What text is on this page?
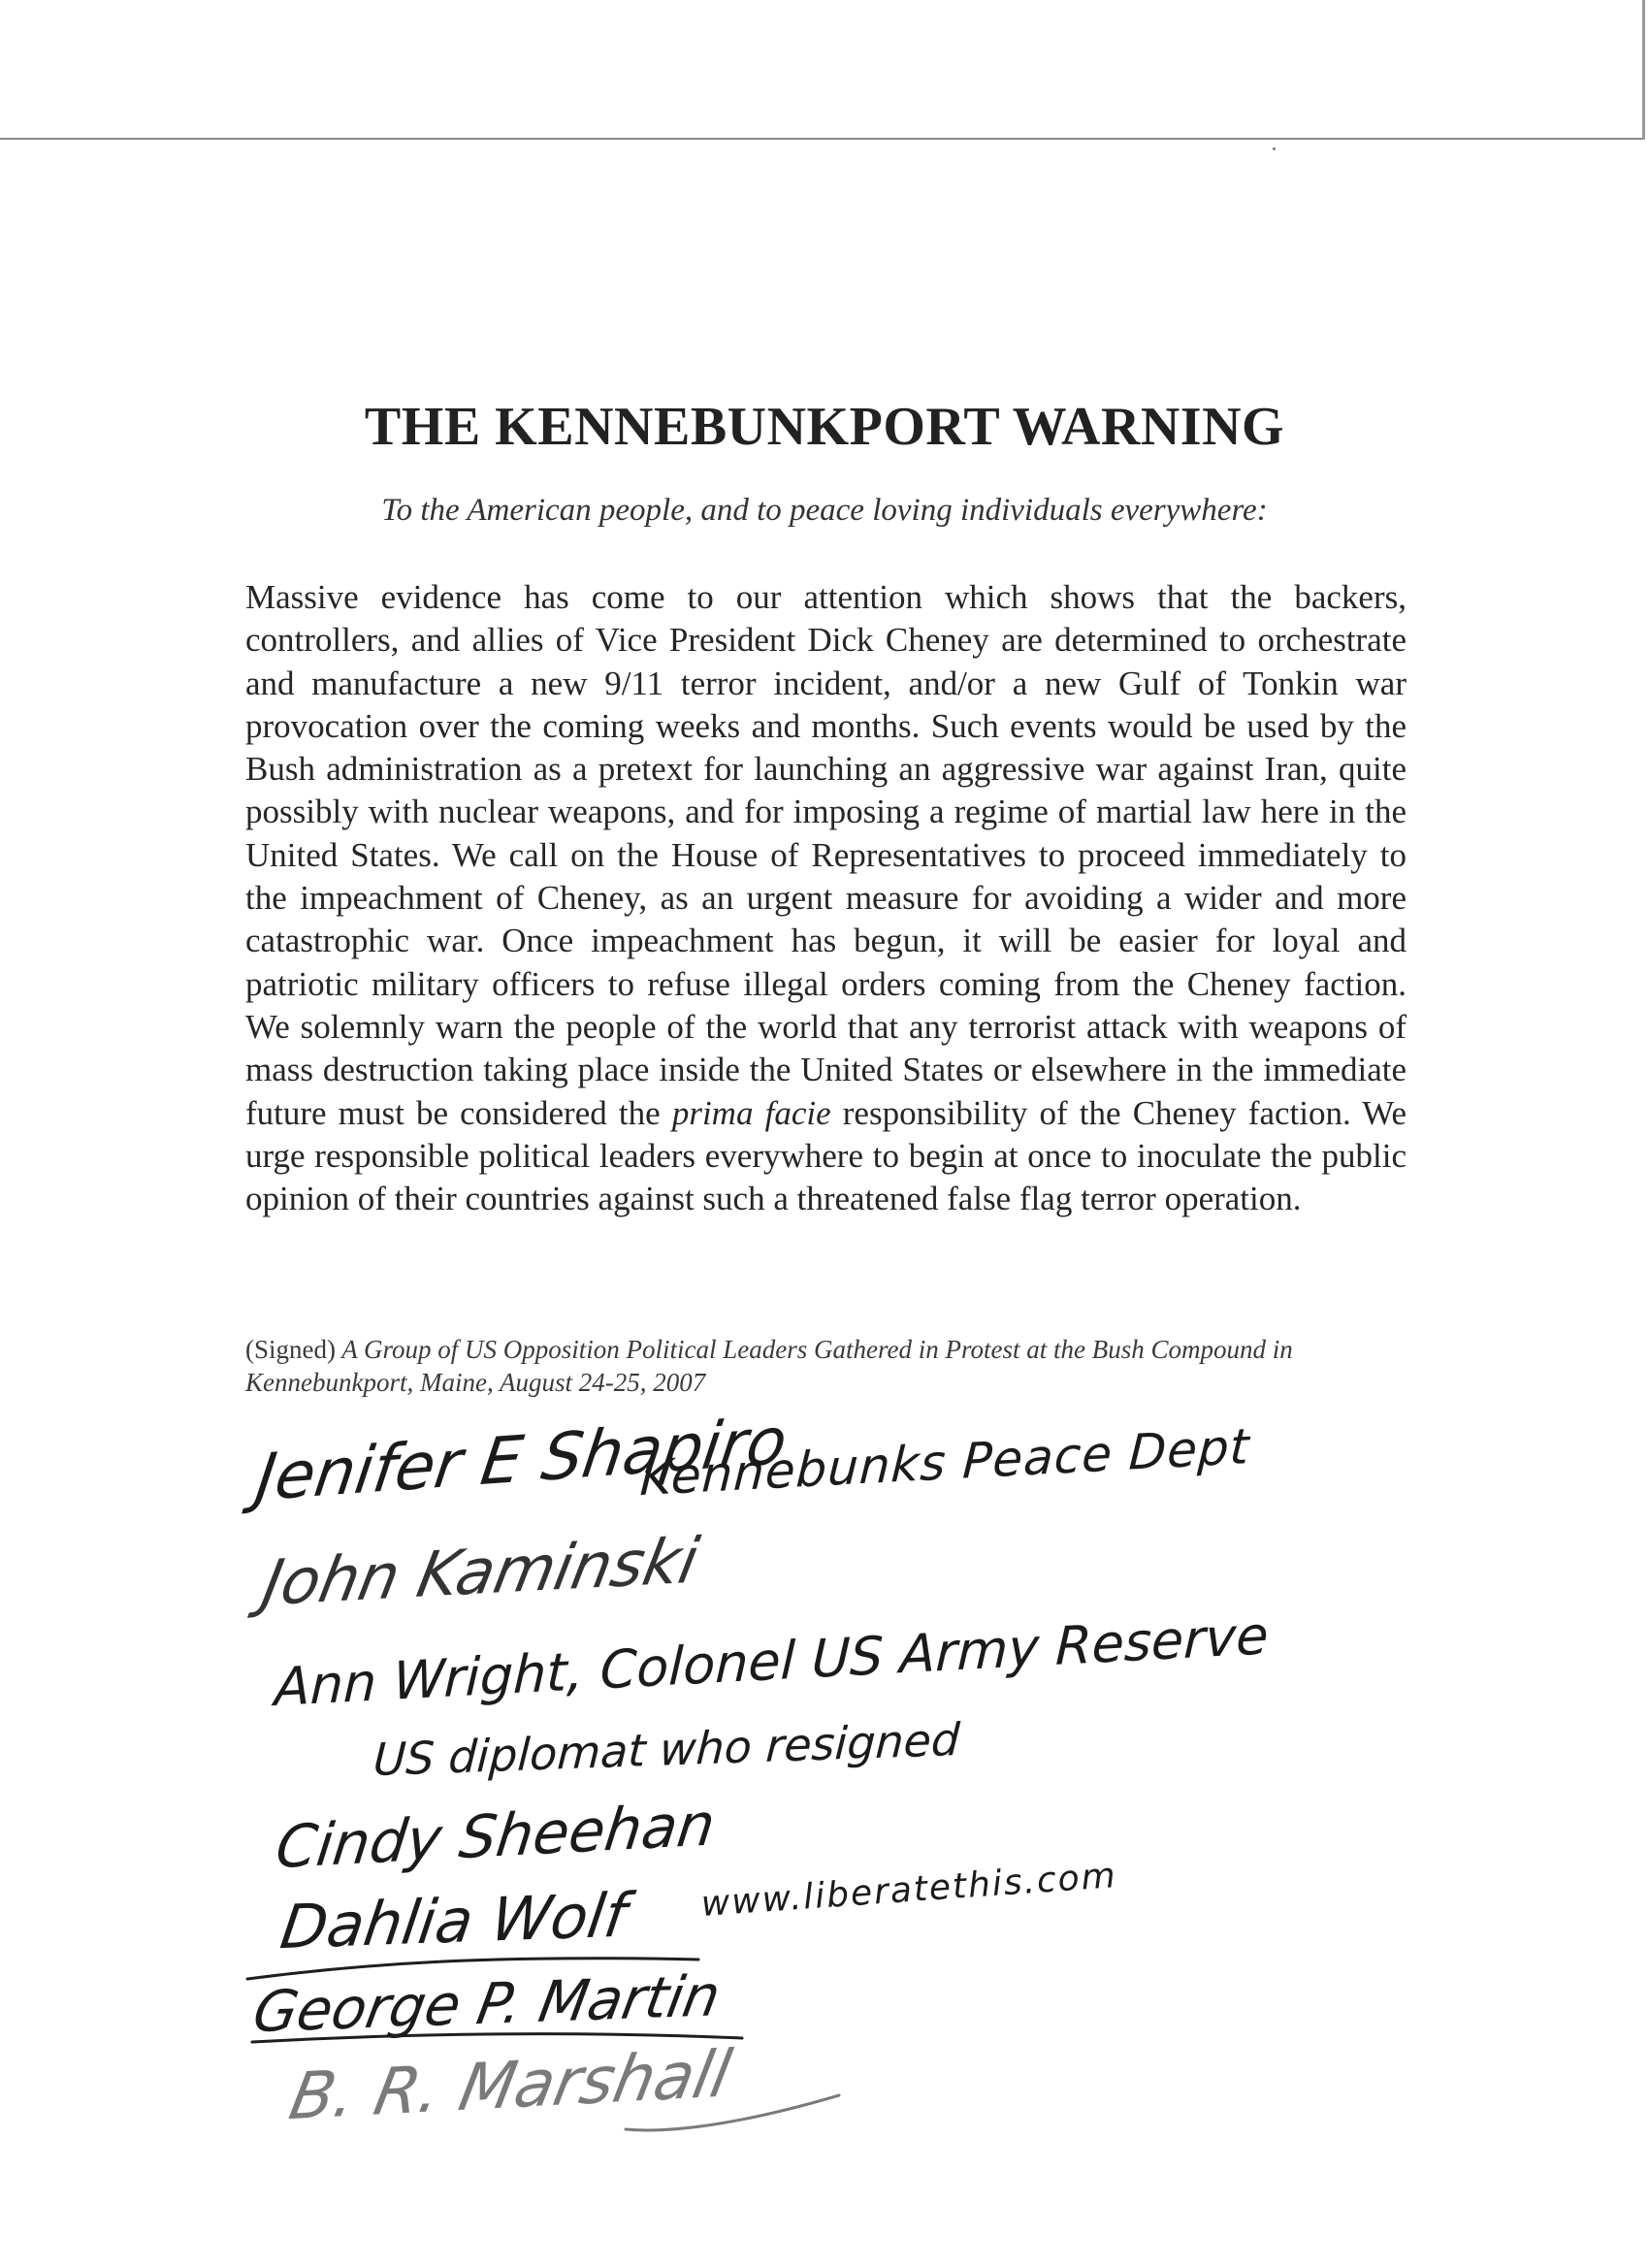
THE KENNEBUNKPORT WARNING

To the American people, and to peace loving individuals everywhere:

Massive evidence has come to our attention which shows that the backers, controllers, and allies of Vice President Dick Cheney are determined to orchestrate and manufacture a new 9/11 terror incident, and/or a new Gulf of Tonkin war provocation over the coming weeks and months. Such events would be used by the Bush administration as a pretext for launching an aggressive war against Iran, quite possibly with nuclear weapons, and for imposing a regime of martial law here in the United States. We call on the House of Representatives to proceed immediately to the impeachment of Cheney, as an urgent measure for avoiding a wider and more catastrophic war. Once impeachment has begun, it will be easier for loyal and patriotic military officers to refuse illegal orders coming from the Cheney faction. We solemnly warn the people of the world that any terrorist attack with weapons of mass destruction taking place inside the United States or elsewhere in the immediate future must be considered the prima facie responsibility of the Cheney faction. We urge responsible political leaders everywhere to begin at once to inoculate the public opinion of their countries against such a threatened false flag terror operation.

(Signed) A Group of US Opposition Political Leaders Gathered in Protest at the Bush Compound in Kennebunkport, Maine, August 24-25, 2007

Jenifer E Shapiro
Kennebunks Peace Dept
John Kaminski
Ann Wright, Colonel US Army Reserve
US diplomat who resigned
Cindy Sheehan
Dahlia Wolf www.liberatethis.com
George P. Martin
B. R. Marshall
